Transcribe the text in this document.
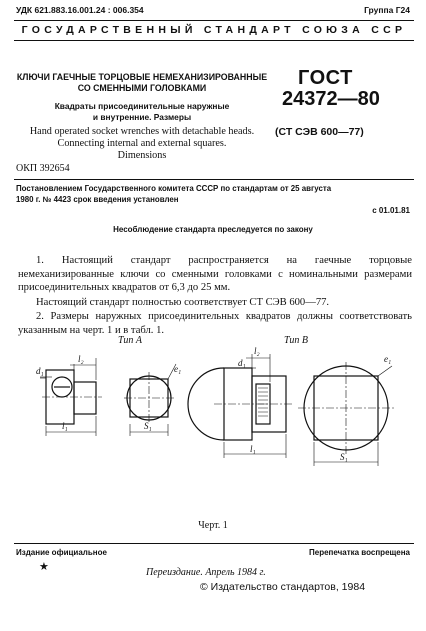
УДК 621.883.16.001.24 : 006.354	Группа Г24
ГОСУДАРСТВЕННЫЙ СТАНДАРТ СОЮЗА ССР
КЛЮЧИ ГАЕЧНЫЕ ТОРЦОВЫЕ НЕМЕХАНИЗИРОВАННЫЕ
СО СМЕННЫМИ ГОЛОВКАМИ
Квадраты присоединительные наружные
и внутренние. Размеры
Hand operated socket wrenches with detachable heads.
Connecting internal and external squares.
Dimensions
ОКП 392654
ГОСТ
24372—80
(СТ СЭВ 600—77)
Постановлением Государственного комитета СССР по стандартам от 25 августа
1980 г. № 4423 срок введения установлен
с 01.01.81
Несоблюдение стандарта преследуется по закону
1. Настоящий стандарт распространяется на гаечные торцовые немеханизированные ключи со сменными головками с номинальными размерами присоединительных квадратов от 6,3 до 25 мм.
Настоящий стандарт полностью соответствует СТ СЭВ 600—77.
2. Размеры наружных присоединительных квадратов должны соответствовать указанным на черт. 1 и в табл. 1.
Тип А	Тип В
l₂
d₁
l₁	S₁
e₁
l₂
d₁
l₁
S₁
e₁
Черт. 1
Издание официальное	Перепечатка воспрещена
★	Переиздание. Апрель 1984 г.
© Издательство стандартов, 1984
